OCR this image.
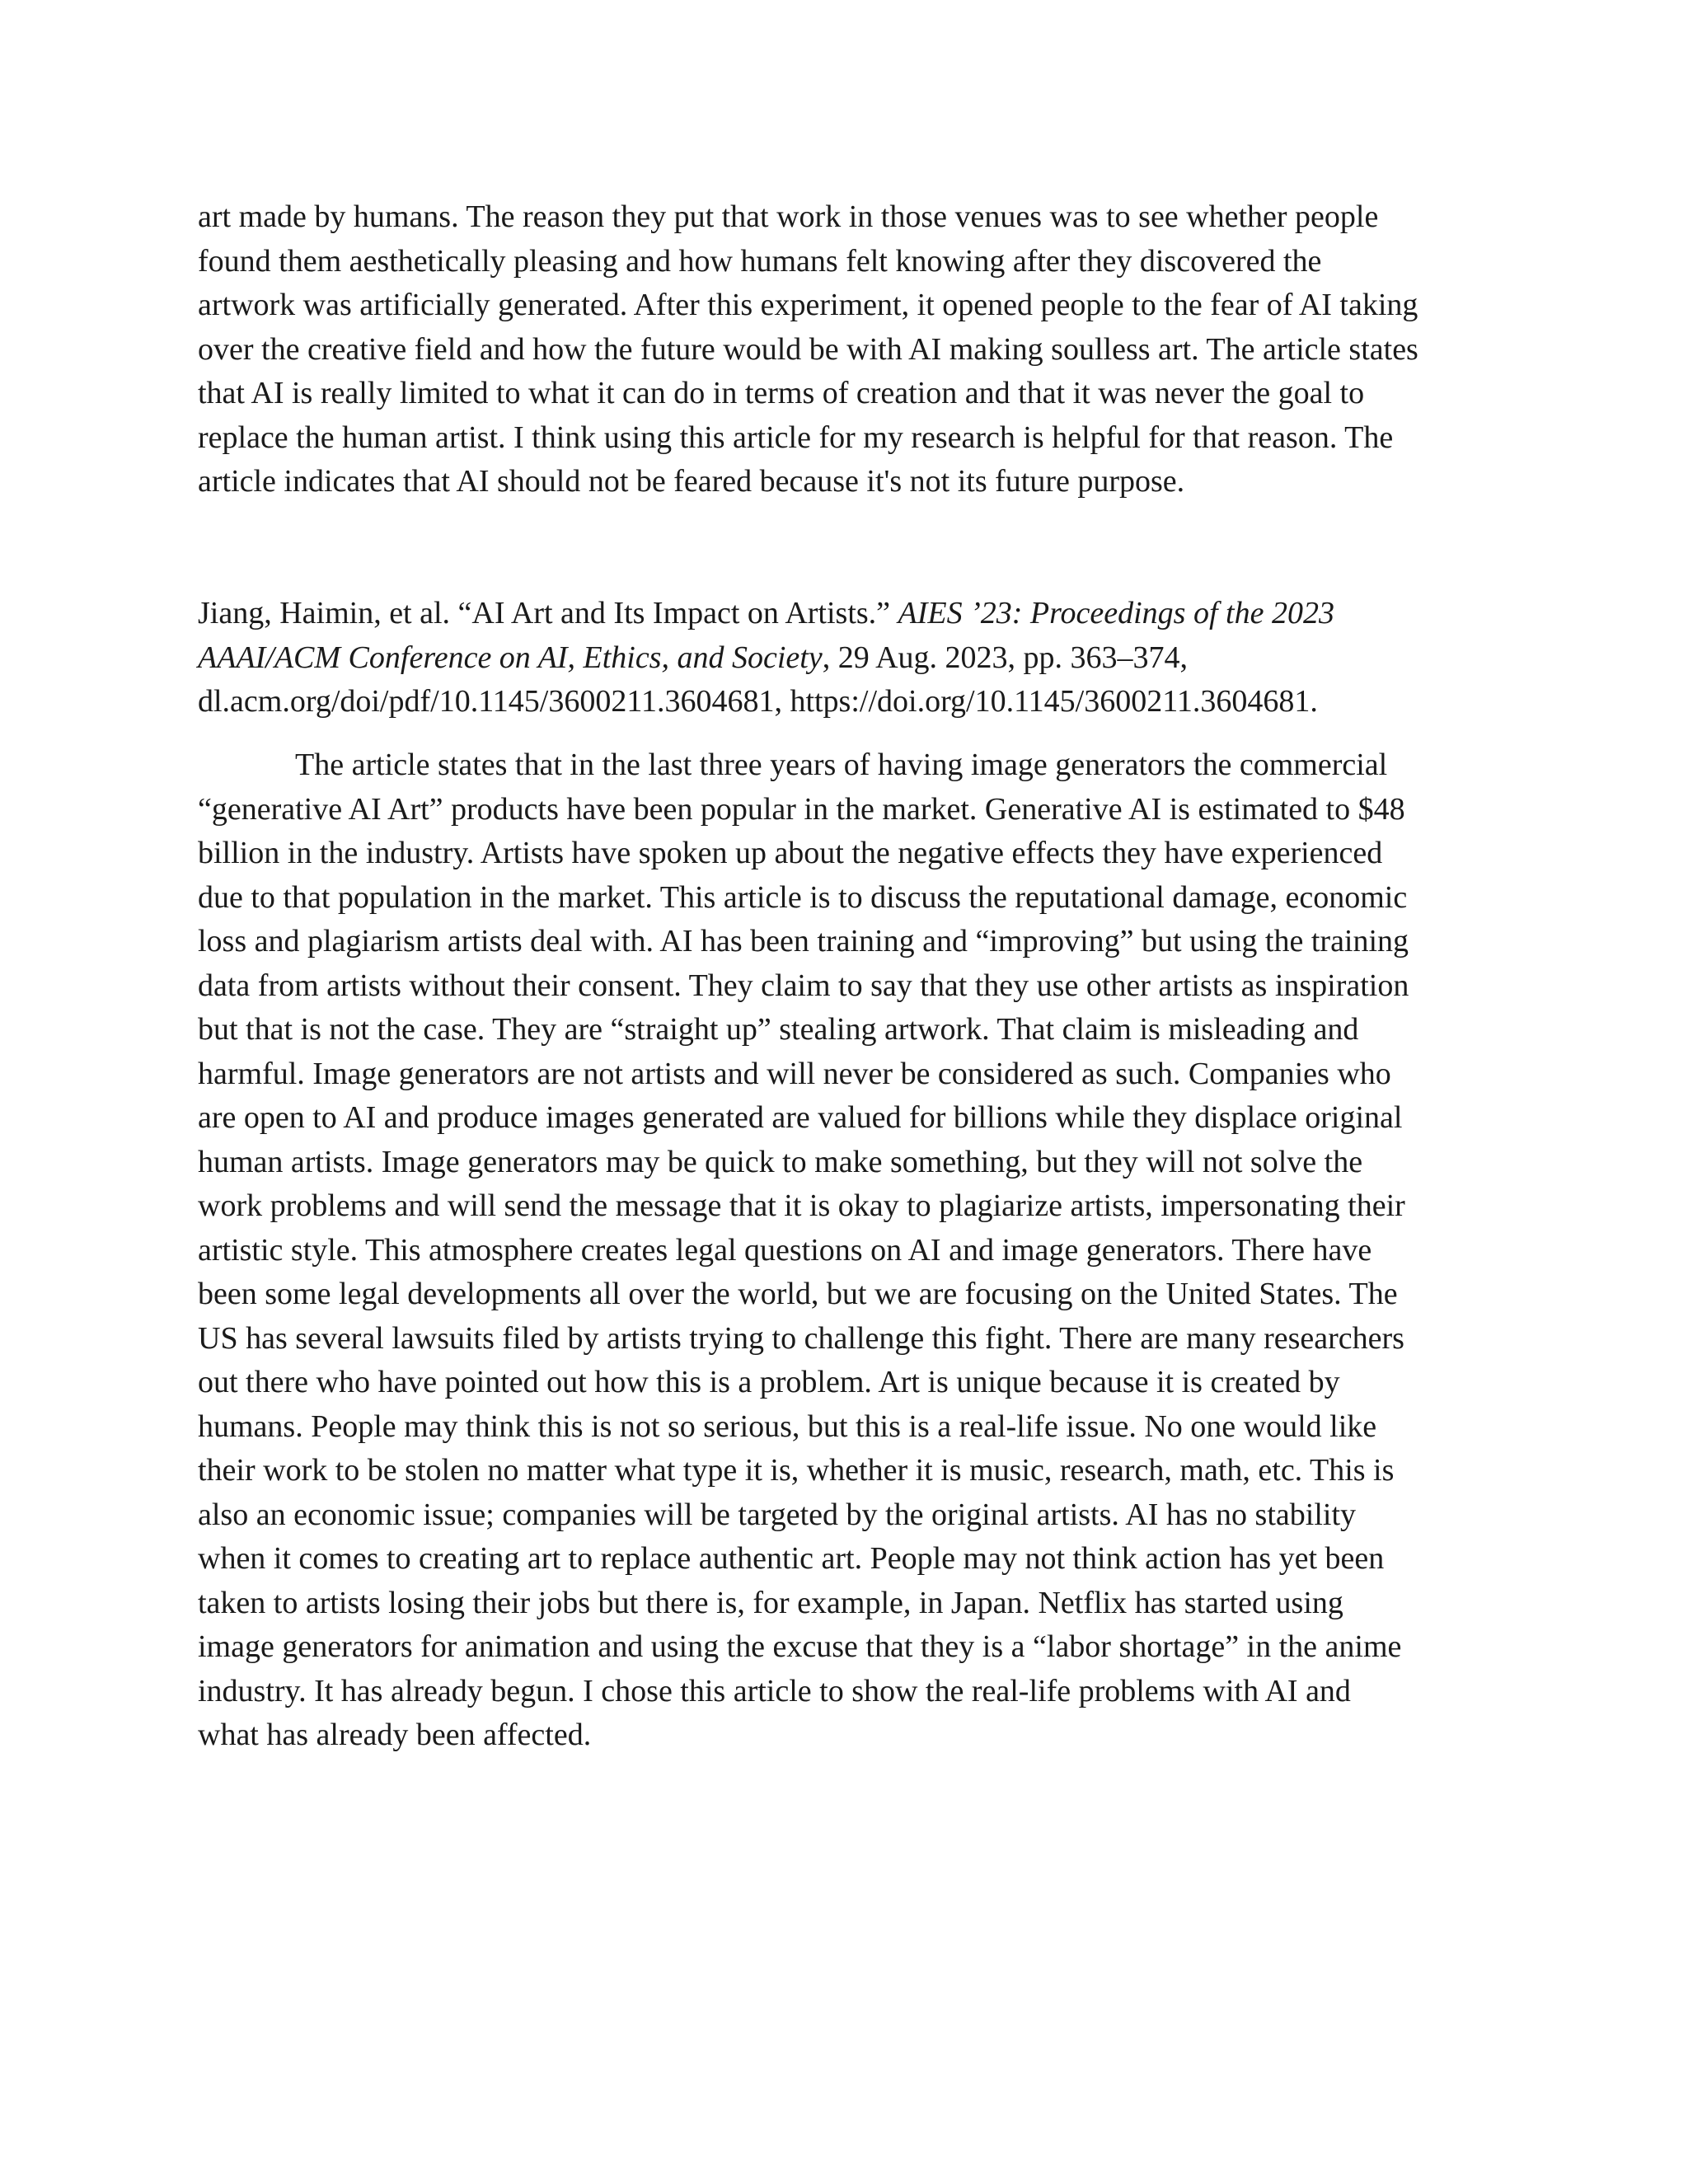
art made by humans. The reason they put that work in those venues was to see whether people
found them aesthetically pleasing and how humans felt knowing after they discovered the
artwork was artificially generated. After this experiment, it opened people to the fear of AI taking
over the creative field and how the future would be with AI making soulless art. The article states
that AI is really limited to what it can do in terms of creation and that it was never the goal to
replace the human artist. I think using this article for my research is helpful for that reason. The
article indicates that AI should not be feared because it's not its future purpose.

Jiang, Haimin, et al. “AI Art and Its Impact on Artists.” AIES ’23: Proceedings of the 2023
AAAI/ACM Conference on AI, Ethics, and Society, 29 Aug. 2023, pp. 363–374,
dl.acm.org/doi/pdf/10.1145/3600211.3604681, https://doi.org/10.1145/3600211.3604681.

The article states that in the last three years of having image generators the commercial
“generative AI Art” products have been popular in the market. Generative AI is estimated to $48
billion in the industry. Artists have spoken up about the negative effects they have experienced
due to that population in the market. This article is to discuss the reputational damage, economic
loss and plagiarism artists deal with. AI has been training and “improving” but using the training
data from artists without their consent. They claim to say that they use other artists as inspiration
but that is not the case. They are “straight up” stealing artwork. That claim is misleading and
harmful. Image generators are not artists and will never be considered as such. Companies who
are open to AI and produce images generated are valued for billions while they displace original
human artists. Image generators may be quick to make something, but they will not solve the
work problems and will send the message that it is okay to plagiarize artists, impersonating their
artistic style. This atmosphere creates legal questions on AI and image generators. There have
been some legal developments all over the world, but we are focusing on the United States. The
US has several lawsuits filed by artists trying to challenge this fight. There are many researchers
out there who have pointed out how this is a problem. Art is unique because it is created by
humans. People may think this is not so serious, but this is a real-life issue. No one would like
their work to be stolen no matter what type it is, whether it is music, research, math, etc. This is
also an economic issue; companies will be targeted by the original artists. AI has no stability
when it comes to creating art to replace authentic art. People may not think action has yet been
taken to artists losing their jobs but there is, for example, in Japan. Netflix has started using
image generators for animation and using the excuse that they is a “labor shortage” in the anime
industry. It has already begun. I chose this article to show the real-life problems with AI and
what has already been affected.
